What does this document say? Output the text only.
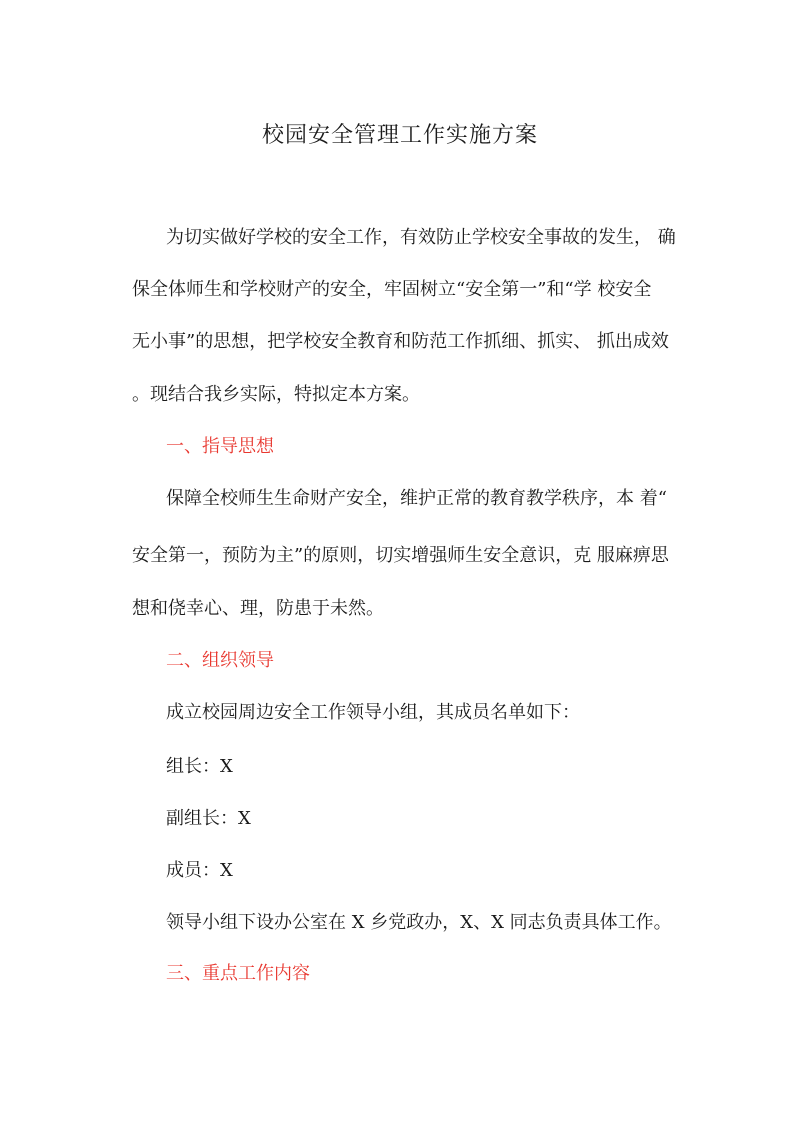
校园安全管理工作实施方案
为切实做好学校的安全工作，有效防止学校安全事故的发生， 确
保全体师生和学校财产的安全，牢固树立“安全第一”和“学 校安全
无小事”的思想，把学校安全教育和防范工作抓细、抓实、 抓出成效
。现结合我乡实际，特拟定本方案。
一、指导思想
保障全校师生生命财产安全，维护正常的教育教学秩序，本 着“
安全第一，预防为主”的原则，切实增强师生安全意识，克 服麻痹思
想和侥幸心、理，防患于未然。
二、组织领导
成立校园周边安全工作领导小组，其成员名单如下：
组长：X
副组长：X
成员：X
领导小组下设办公室在 X 乡党政办，X、X 同志负责具体工作。
三、重点工作内容
